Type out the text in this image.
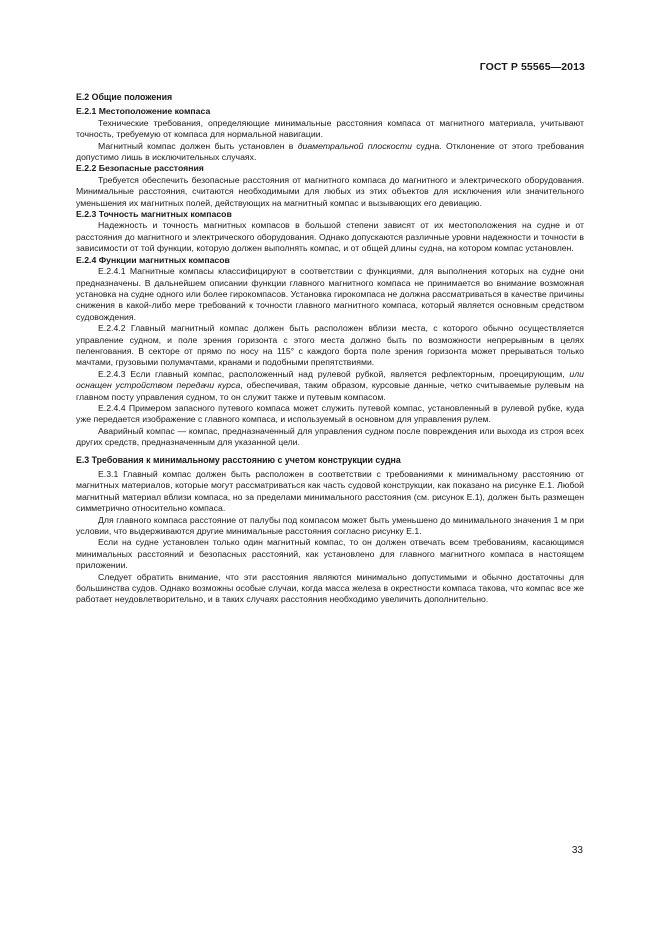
ГОСТ Р 55565—2013
Е.2 Общие положения
Е.2.1 Местоположение компаса

Технические требования, определяющие минимальные расстояния компаса от магнитного материала, учитывают точность, требуемую от компаса для нормальной навигации.

Магнитный компас должен быть установлен в диаметральной плоскости судна. Отклонение от этого требования допустимо лишь в исключительных случаях.

Е.2.2 Безопасные расстояния

Требуется обеспечить безопасные расстояния от магнитного компаса до магнитного и электрического оборудования. Минимальные расстояния, считаются необходимыми для любых из этих объектов для исключения или значительного уменьшения их магнитных полей, действующих на магнитный компас и вызывающих его девиацию.

Е.2.3 Точность магнитных компасов

Надежность и точность магнитных компасов в большой степени зависят от их местоположения на судне и от расстояния до магнитного и электрического оборудования. Однако допускаются различные уровни надежности и точности в зависимости от той функции, которую должен выполнять компас, и от общей длины судна, на котором компас установлен.

Е.2.4 Функции магнитных компасов

Е.2.4.1 Магнитные компасы классифицируют в соответствии с функциями, для выполнения которых на судне они предназначены. В дальнейшем описании функции главного магнитного компаса не принимается во внимание возможная установка на судне одного или более гирокомпасов. Установка гирокомпаса не должна рассматриваться в качестве причины снижения в какой-либо мере требований к точности главного магнитного компаса, который является основным средством судовождения.

Е.2.4.2 Главный магнитный компас должен быть расположен вблизи места, с которого обычно осуществляется управление судном, и поле зрения горизонта с этого места должно быть по возможности непрерывным в целях пеленгования. В секторе от прямо по носу на 115° с каждого борта поле зрения горизонта может прерываться только мачтами, грузовыми полумачтами, кранами и подобными препятствиями.

Е.2.4.3 Если главный компас, расположенный над рулевой рубкой, является рефлекторным, проецирующим, или оснащен устройством передачи курса, обеспечивая, таким образом, курсовые данные, четко считываемые рулевым на главном посту управления судном, то он служит также и путевым компасом.

Е.2.4.4 Примером запасного путевого компаса может служить путевой компас, установленный в рулевой рубке, куда уже передается изображение с главного компаса, и используемый в основном для управления рулем.

Аварийный компас — компас, предназначенный для управления судном после повреждения или выхода из строя всех других средств, предназначенным для указанной цели.

Е.3 Требования к минимальному расстоянию с учетом конструкции судна

Е.3.1 Главный компас должен быть расположен в соответствии с требованиями к минимальному расстоянию от магнитных материалов, которые могут рассматриваться как часть судовой конструкции, как показано на рисунке Е.1. Любой магнитный материал вблизи компаса, но за пределами минимального расстояния (см. рисунок Е.1), должен быть размещен симметрично относительно компаса.

Для главного компаса расстояние от палубы под компасом может быть уменьшено до минимального значения 1 м при условии, что выдерживаются другие минимальные расстояния согласно рисунку Е.1.

Если на судне установлен только один магнитный компас, то он должен отвечать всем требованиям, касающимся минимальных расстояний и безопасных расстояний, как установлено для главного магнитного компаса в настоящем приложении.

Следует обратить внимание, что эти расстояния являются минимально допустимыми и обычно достаточны для большинства судов. Однако возможны особые случаи, когда масса железа в окрестности компаса такова, что компас все же работает неудовлетворительно, и в таких случаях расстояния необходимо увеличить дополнительно.

33
